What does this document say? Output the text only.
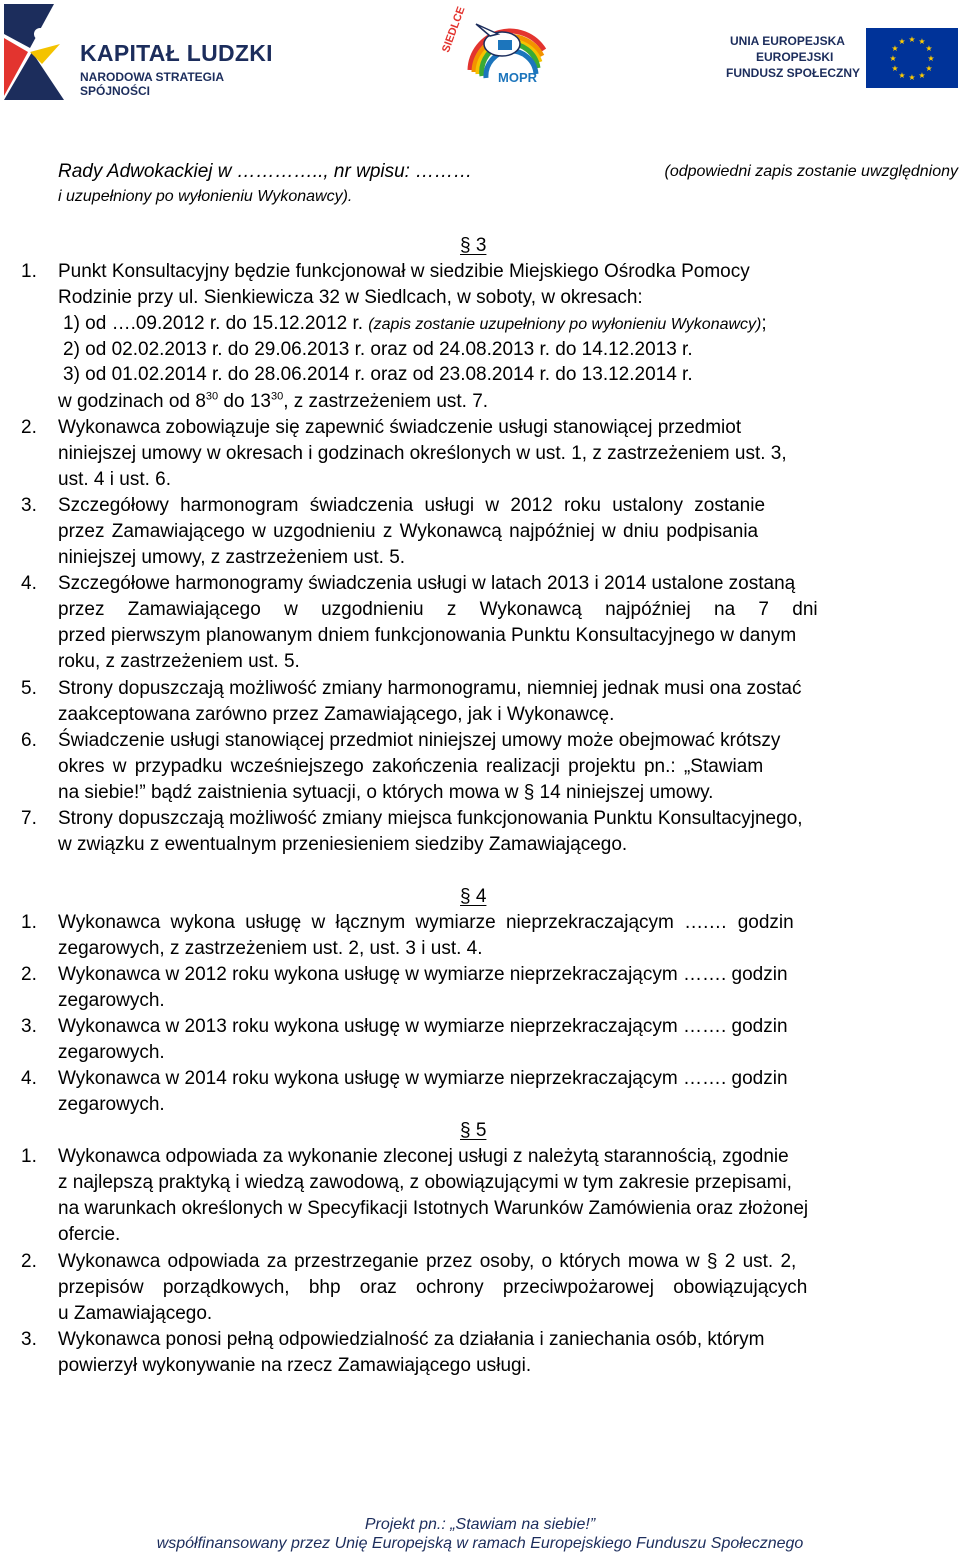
KAPITAŁ LUDZKI
NARODOWA STRATEGIA SPÓJNOŚCI
SIEDLCE
MOPR
UNIA EUROPEJSKA
EUROPEJSKI
FUNDUSZ SPOŁECZNY
★ ★
★
★
★
★
★
★
★
★
★
★
Rady Adwokackiej w ………….., nr wpisu: ………	(odpowiedni zapis zostanie uwzględniony
i uzupełniony po wyłonieniu Wykonawcy).
§ 3
1. Punkt Konsultacyjny będzie funkcjonował w siedzibie Miejskiego Ośrodka Pomocy
Rodzinie przy ul. Sienkiewicza 32 w Siedlcach, w soboty, w okresach:
1) od ….09.2012 r. do 15.12.2012 r. (zapis zostanie uzupełniony po wyłonieniu Wykonawcy);
2) od 02.02.2013 r. do 29.06.2013 r. oraz od 24.08.2013 r. do 14.12.2013 r.
3) od 01.02.2014 r. do 28.06.2014 r. oraz od 23.08.2014 r. do 13.12.2014 r.
w godzinach od $8^{30}$ do $13^{30}$, z zastrzeżeniem ust. 7.
2. Wykonawca zobowiązuje się zapewnić świadczenie usługi stanowiącej przedmiot
niniejszej umowy w okresach i godzinach określonych w ust. 1, z zastrzeżeniem ust. 3,
ust. 4 i ust. 6.
3. Szczegółowy harmonogram świadczenia usługi w 2012 roku ustalony zostanie
przez Zamawiającego w uzgodnieniu z Wykonawcą najpóźniej w dniu podpisania
niniejszej umowy, z zastrzeżeniem ust. 5.
4. Szczegółowe harmonogramy świadczenia usługi w latach 2013 i 2014 ustalone zostaną
przez Zamawiającego w uzgodnieniu z Wykonawcą najpóźniej na 7 dni
przed pierwszym planowanym dniem funkcjonowania Punktu Konsultacyjnego w danym
roku, z zastrzeżeniem ust. 5.
5. Strony dopuszczają możliwość zmiany harmonogramu, niemniej jednak musi ona zostać
zaakceptowana zarówno przez Zamawiającego, jak i Wykonawcę.
6. Świadczenie usługi stanowiącej przedmiot niniejszej umowy może obejmować krótszy
okres w przypadku wcześniejszego zakończenia realizacji projektu pn.: „Stawiam
na siebie!” bądź zaistnienia sytuacji, o których mowa w § 14 niniejszej umowy.
7. Strony dopuszczają możliwość zmiany miejsca funkcjonowania Punktu Konsultacyjnego,
w związku z ewentualnym przeniesieniem siedziby Zamawiającego.
§ 4
1. Wykonawca wykona usługę w łącznym wymiarze nieprzekraczającym ….… godzin
zegarowych, z zastrzeżeniem ust. 2, ust. 3 i ust. 4.
2. Wykonawca w 2012 roku wykona usługę w wymiarze nieprzekraczającym ……. godzin
zegarowych.
3. Wykonawca w 2013 roku wykona usługę w wymiarze nieprzekraczającym ……. godzin
zegarowych.
4. Wykonawca w 2014 roku wykona usługę w wymiarze nieprzekraczającym ……. godzin
zegarowych.
§ 5
1. Wykonawca odpowiada za wykonanie zleconej usługi z należytą starannością, zgodnie
z najlepszą praktyką i wiedzą zawodową, z obowiązującymi w tym zakresie przepisami,
na warunkach określonych w Specyfikacji Istotnych Warunków Zamówienia oraz złożonej
ofercie.
2. Wykonawca odpowiada za przestrzeganie przez osoby, o których mowa w § 2 ust. 2,
przepisów porządkowych, bhp oraz ochrony przeciwpożarowej obowiązujących
u Zamawiającego.
3. Wykonawca ponosi pełną odpowiedzialność za działania i zaniechania osób, którym
powierzył wykonywanie na rzecz Zamawiającego usługi.
Projekt pn.: „Stawiam na siebie!”
współfinansowany przez Unię Europejską w ramach Europejskiego Funduszu Społecznego
